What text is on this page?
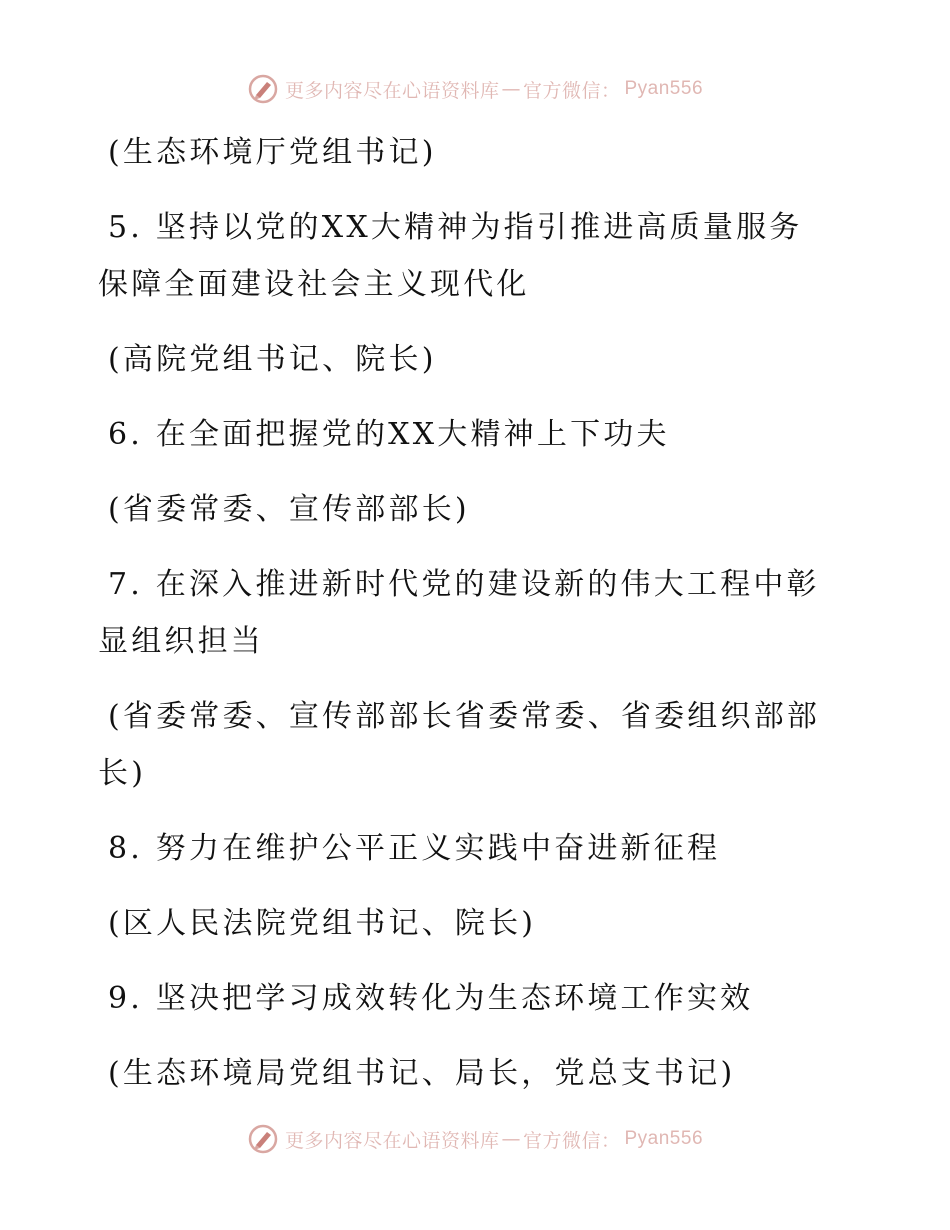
更多内容尽在心语资料库 — 官方微信： Pyan556

(生态环境厅党组书记)

5. 坚持以党的XX大精神为指引推进高质量服务

保障全面建设社会主义现代化

(高院党组书记、院长)

6. 在全面把握党的XX大精神上下功夫

(省委常委、宣传部部长)

7. 在深入推进新时代党的建设新的伟大工程中彰

显组织担当

(省委常委、宣传部部长省委常委、省委组织部部

长)

8. 努力在维护公平正义实践中奋进新征程

(区人民法院党组书记、院长)

9. 坚决把学习成效转化为生态环境工作实效

(生态环境局党组书记、局长，党总支书记)

更多内容尽在心语资料库 — 官方微信： Pyan556
